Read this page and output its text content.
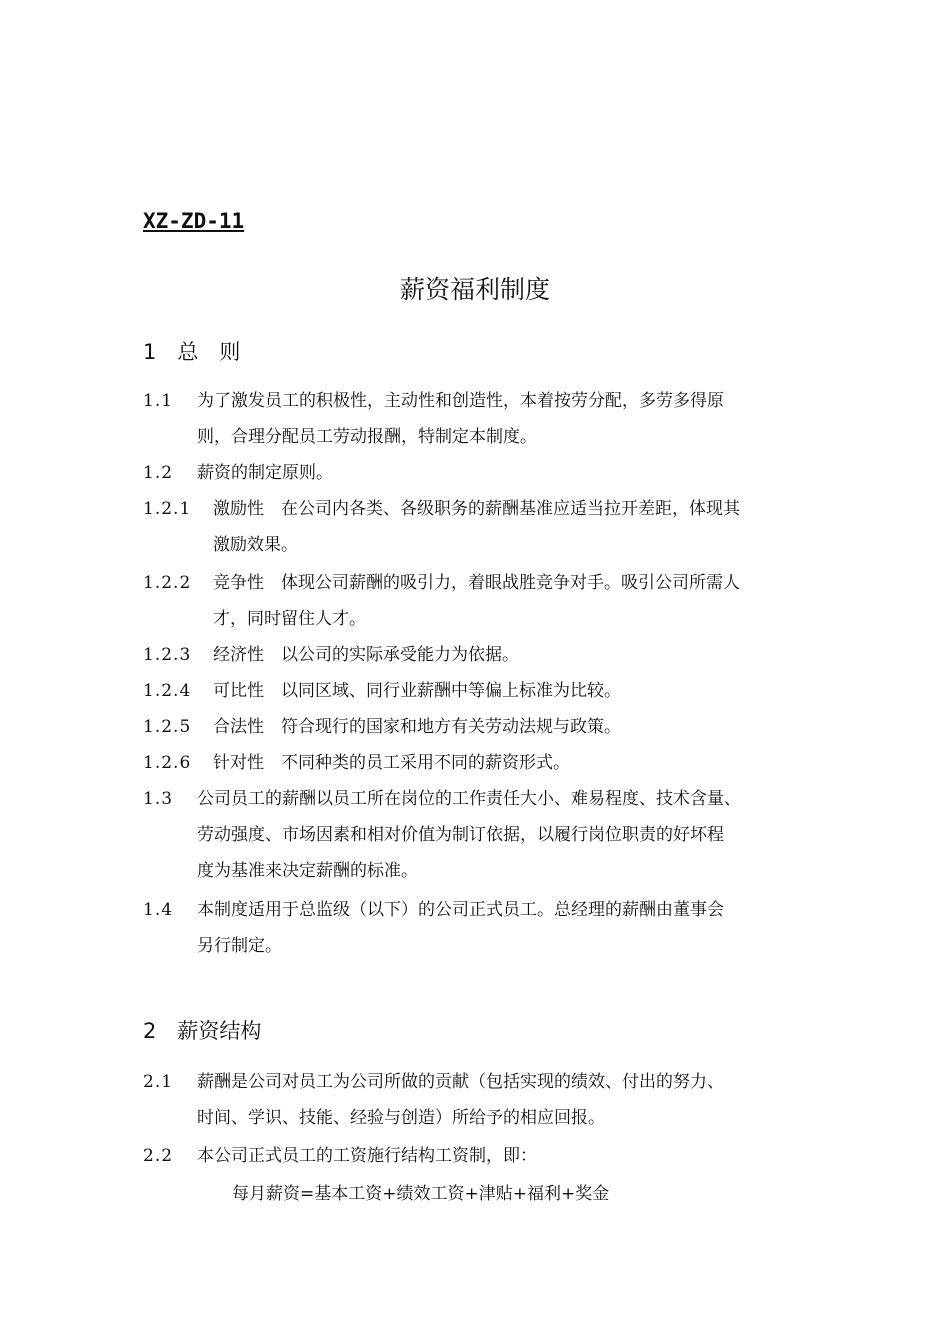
XZ-ZD-11
薪资福利制度
1　总　则
1.1 为了激发员工的积极性，主动性和创造性，本着按劳分配，多劳多得原
则，合理分配员工劳动报酬，特制定本制度。
1.2 薪资的制定原则。
1.2.1 激励性　在公司内各类、各级职务的薪酬基准应适当拉开差距，体现其
激励效果。
1.2.2 竞争性　体现公司薪酬的吸引力，着眼战胜竞争对手。吸引公司所需人
才，同时留住人才。
1.2.3 经济性　以公司的实际承受能力为依据。
1.2.4 可比性　以同区域、同行业薪酬中等偏上标准为比较。
1.2.5 合法性　符合现行的国家和地方有关劳动法规与政策。
1.2.6 针对性　不同种类的员工采用不同的薪资形式。
1.3 公司员工的薪酬以员工所在岗位的工作责任大小、难易程度、技术含量、
劳动强度、市场因素和相对价值为制订依据，以履行岗位职责的好坏程
度为基准来决定薪酬的标准。
1.4 本制度适用于总监级（以下）的公司正式员工。总经理的薪酬由董事会
另行制定。
2　薪资结构
2.1 薪酬是公司对员工为公司所做的贡献（包括实现的绩效、付出的努力、
时间、学识、技能、经验与创造）所给予的相应回报。
2.2 本公司正式员工的工资施行结构工资制，即：
每月薪资=基本工资+绩效工资+津贴+福利+奖金
